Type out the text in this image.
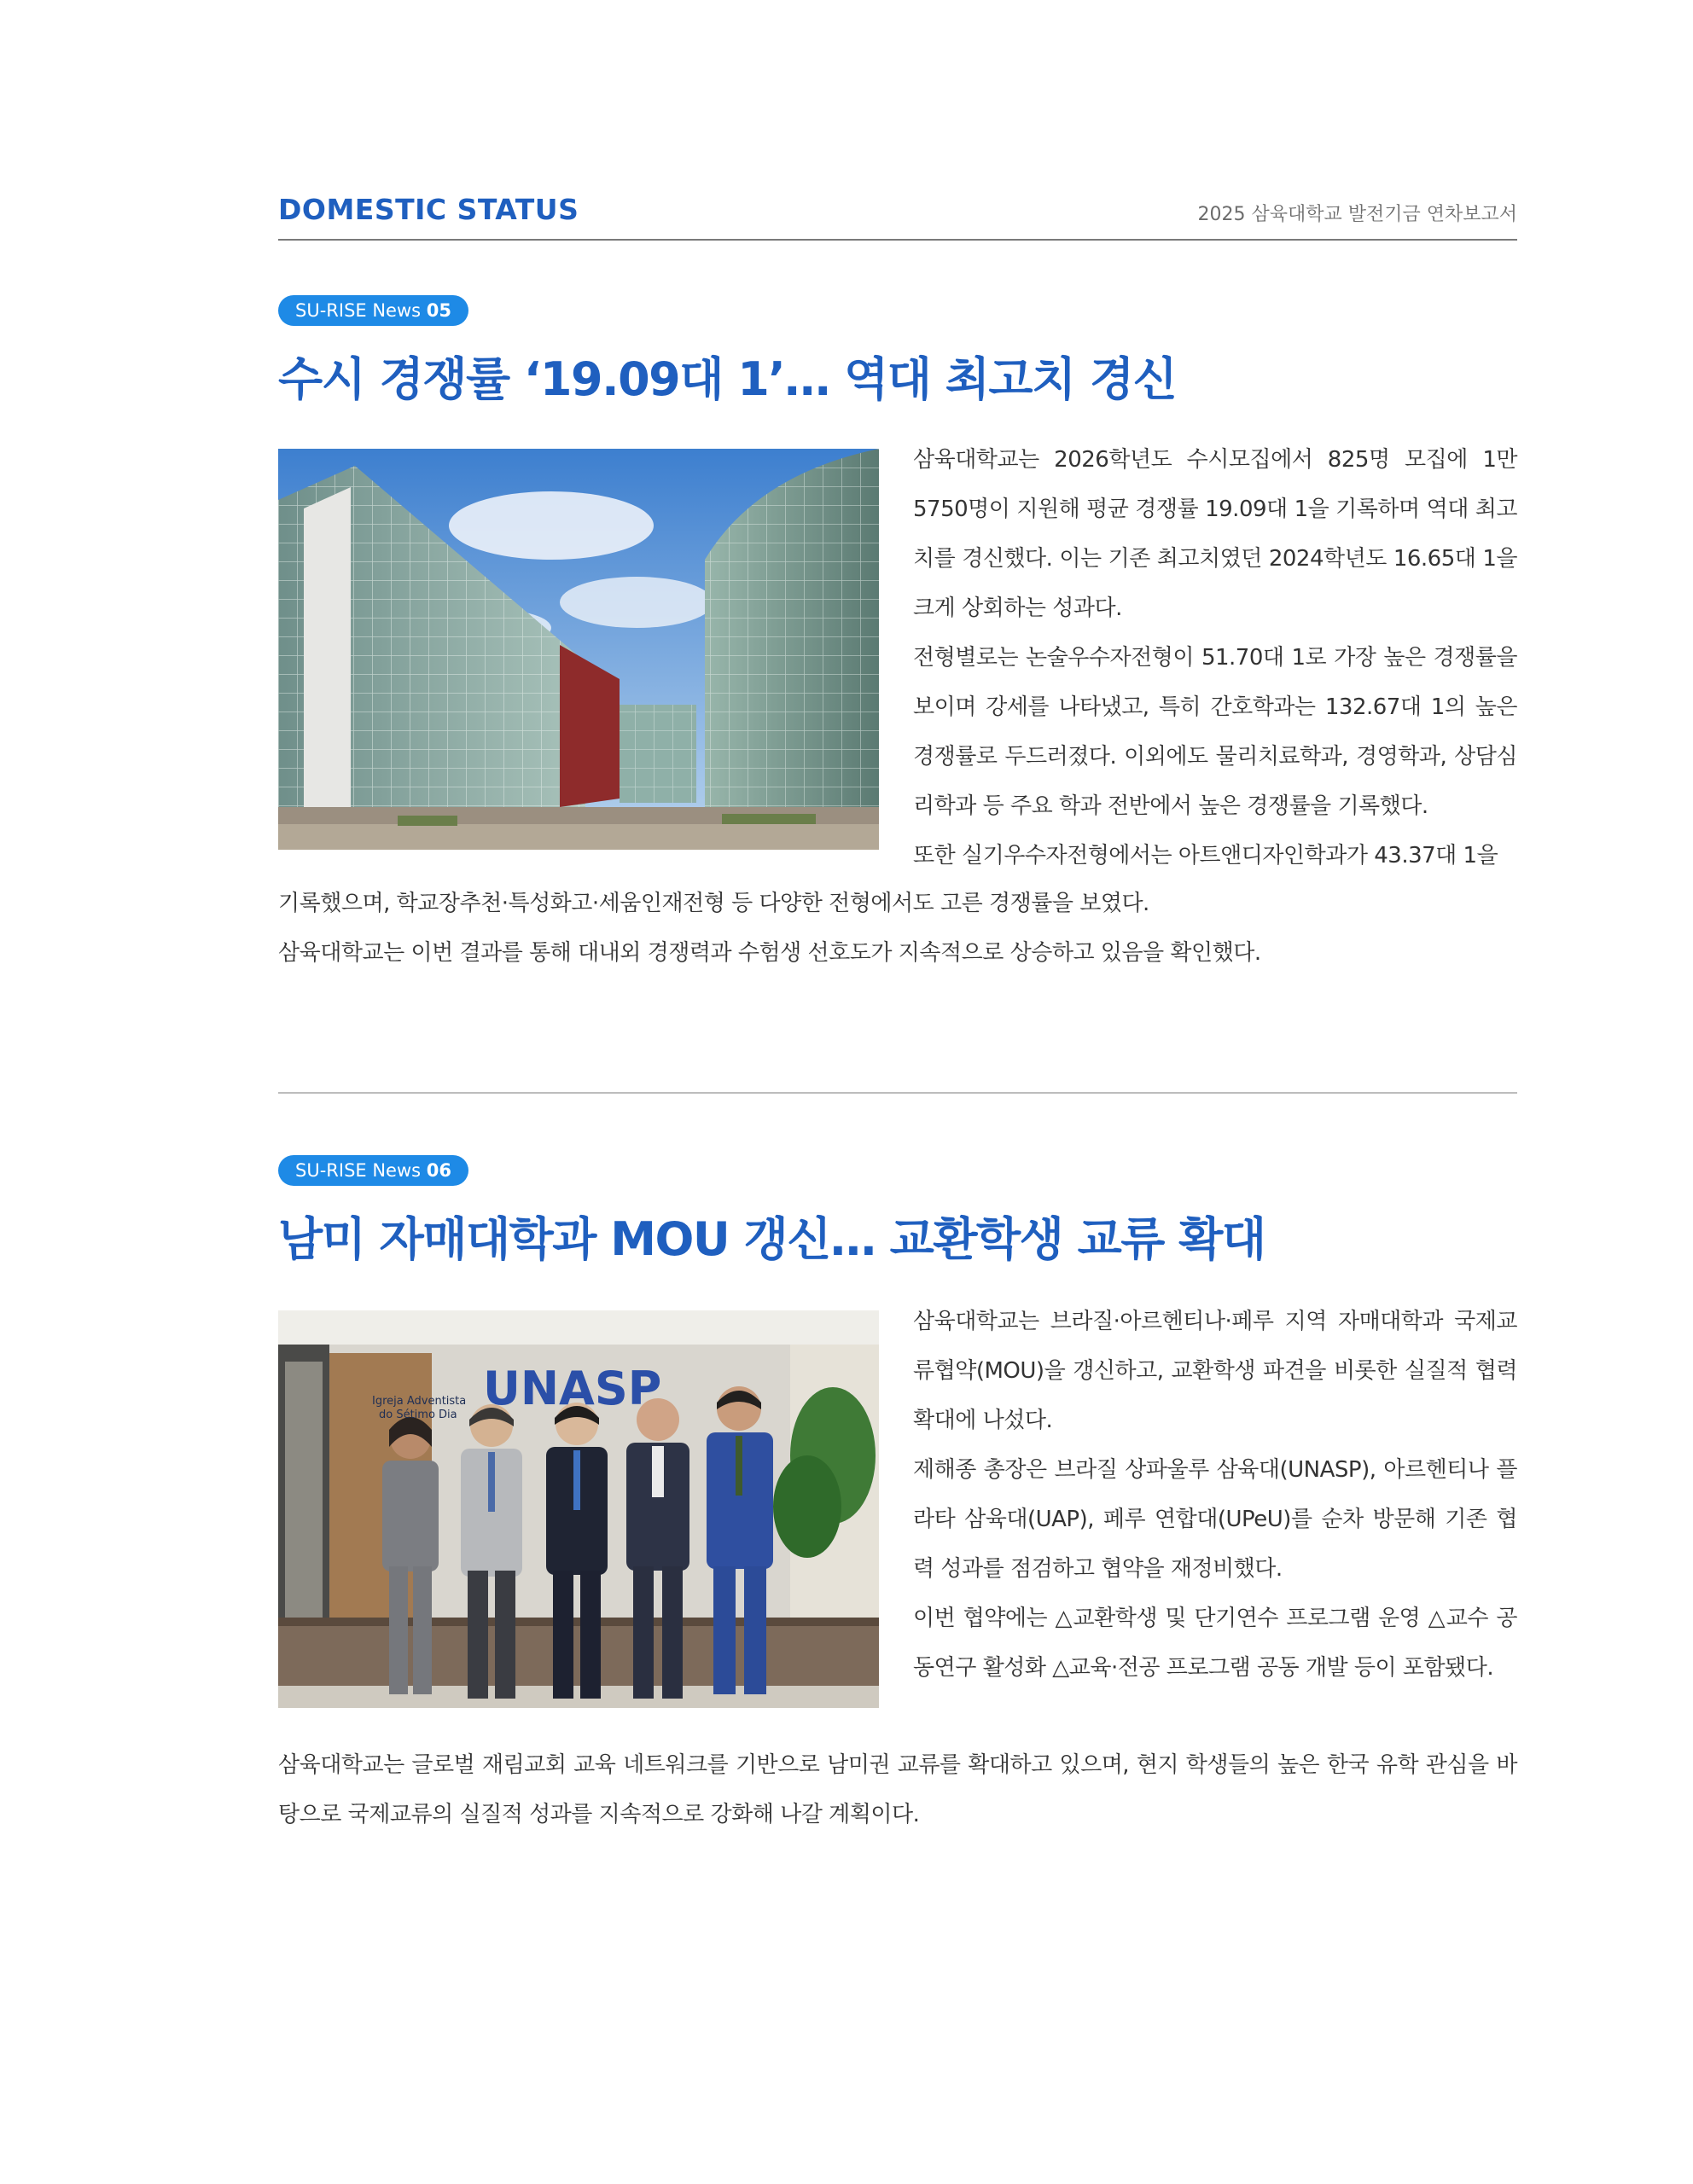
DOMESTIC STATUS	2025 삼육대학교 발전기금 연차보고서
SU-RISE News 05
수시 경쟁률 ‘19.09대 1’… 역대 최고치 경신

삼육대학교는 2026학년도 수시모집에서 825명 모집에 1만 5750명이 지원해 평균 경쟁률 19.09대 1을 기록하며 역대 최고치를 경신했다. 이는 기존 최고치였던 2024학년도 16.65대 1을 크게 상회하는 성과다.

전형별로는 논술우수자전형이 51.70대 1로 가장 높은 경쟁률을 보이며 강세를 나타냈고, 특히 간호학과는 132.67대 1의 높은 경쟁률로 두드러졌다. 이외에도 물리치료학과, 경영학과, 상담심리학과 등 주요 학과 전반에서 높은 경쟁률을 기록했다.

또한 실기우수자전형에서는 아트앤디자인학과가 43.37대 1을

기록했으며, 학교장추천·특성화고·세움인재전형 등 다양한 전형에서도 고른 경쟁률을 보였다.

삼육대학교는 이번 결과를 통해 대내외 경쟁력과 수험생 선호도가 지속적으로 상승하고 있음을 확인했다.

SU-RISE News 06
남미 자매대학과 MOU 갱신… 교환학생 교류 확대
UNASP
Igreja Adventista
do Sétimo Dia

삼육대학교는 브라질·아르헨티나·페루 지역 자매대학과 국제교류협약(MOU)을 갱신하고, 교환학생 파견을 비롯한 실질적 협력 확대에 나섰다.

제해종 총장은 브라질 상파울루 삼육대(UNASP), 아르헨티나 플라타 삼육대(UAP), 페루 연합대(UPeU)를 순차 방문해 기존 협력 성과를 점검하고 협약을 재정비했다.

이번 협약에는 △교환학생 및 단기연수 프로그램 운영 △교수 공동연구 활성화 △교육·전공 프로그램 공동 개발 등이 포함됐다.

삼육대학교는 글로벌 재림교회 교육 네트워크를 기반으로 남미권 교류를 확대하고 있으며, 현지 학생들의 높은 한국 유학 관심을 바탕으로 국제교류의 실질적 성과를 지속적으로 강화해 나갈 계획이다.
